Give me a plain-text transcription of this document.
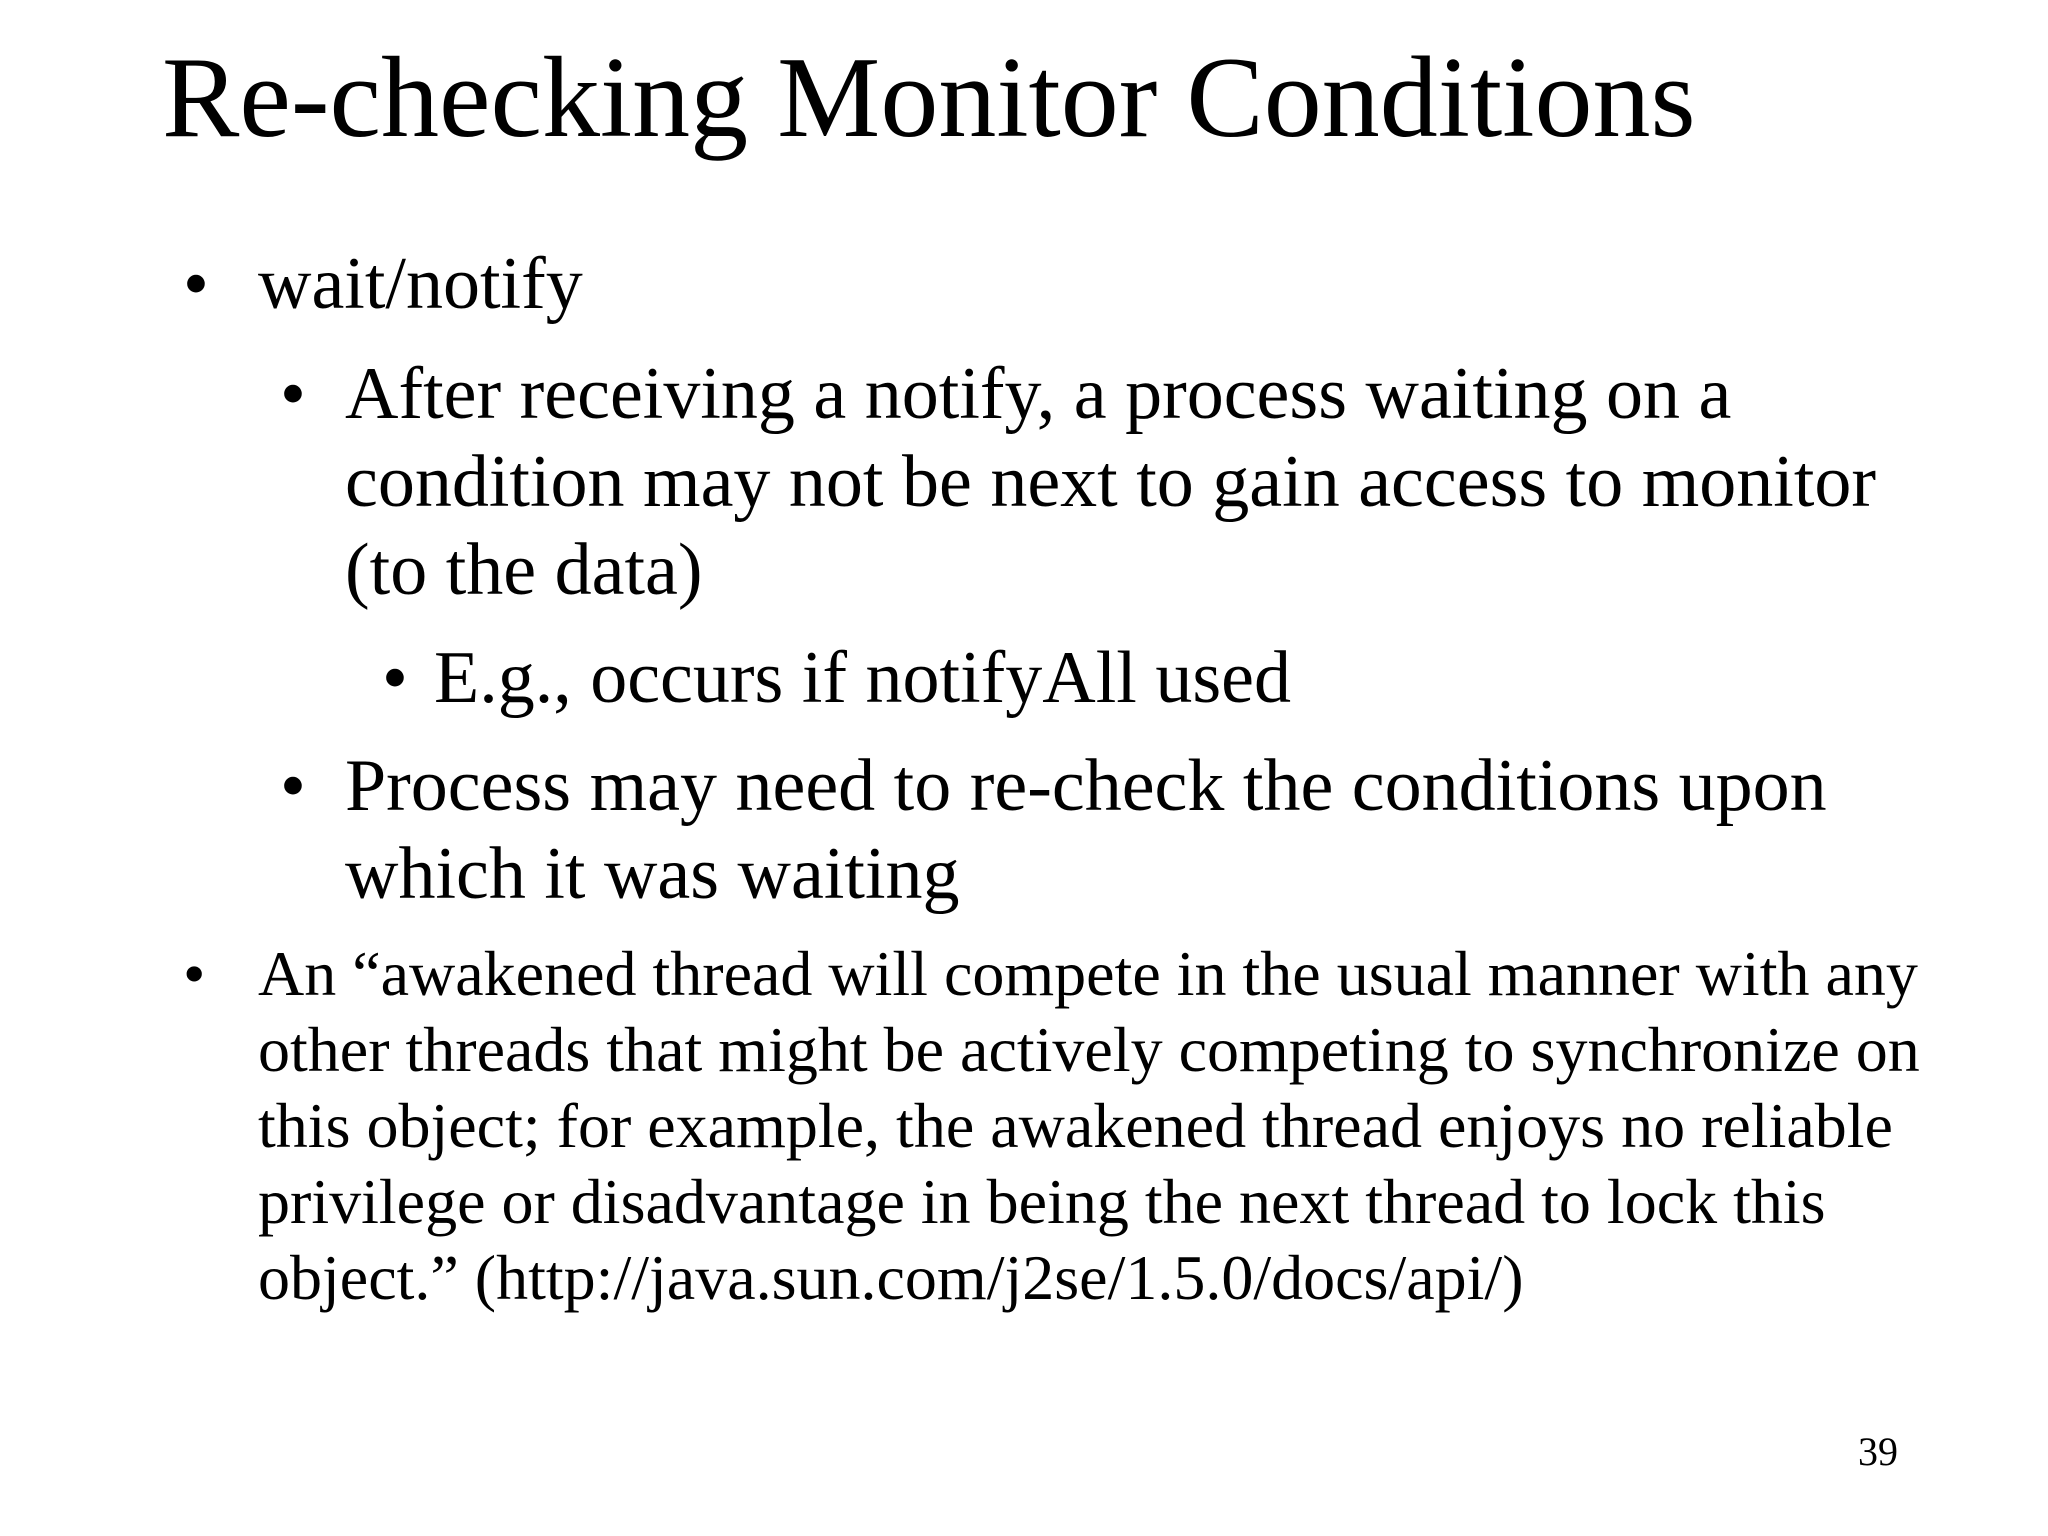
Re-checking Monitor Conditions
• wait/notify
• After receiving a notify, a process waiting on a condition may not be next to gain access to monitor (to the data)
• E.g., occurs if notifyAll used
• Process may need to re-check the conditions upon which it was waiting
• An “awakened thread will compete in the usual manner with any other threads that might be actively competing to synchronize on this object; for example, the awakened thread enjoys no reliable privilege or disadvantage in being the next thread to lock this object.” (http://java.sun.com/j2se/1.5.0/docs/api/)
39
